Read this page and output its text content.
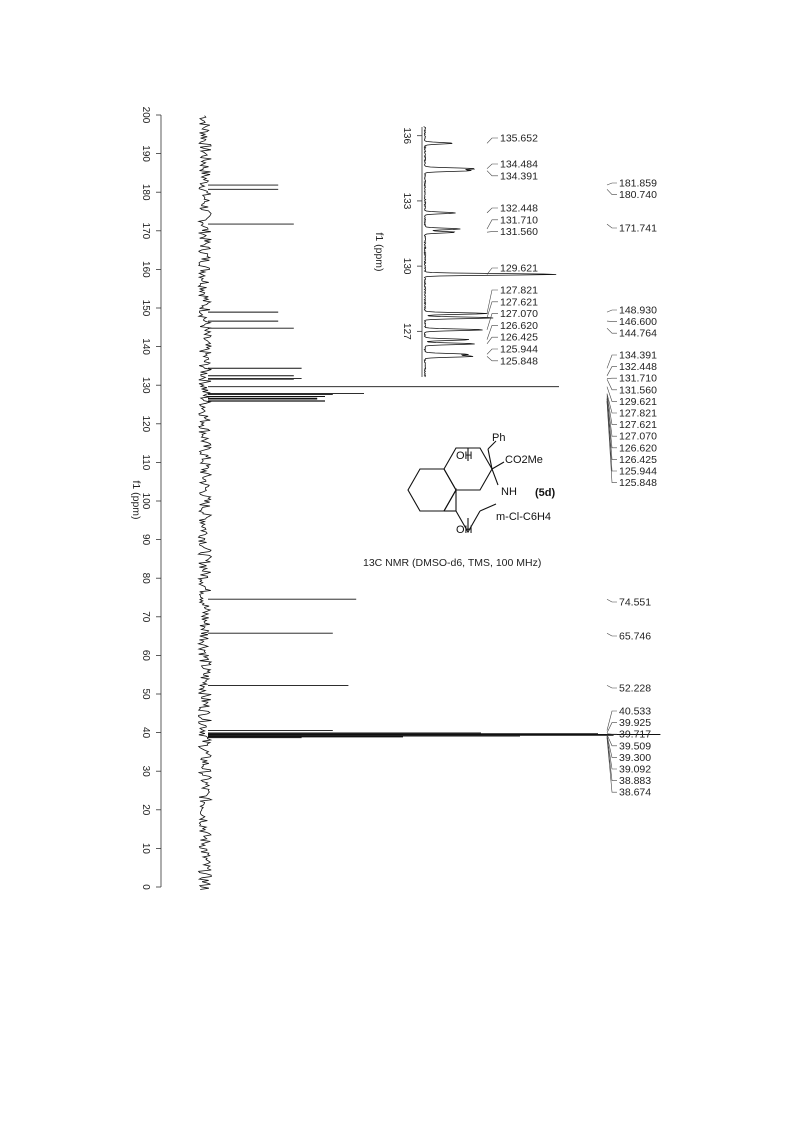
0
10
20
30
40
50
60
70
80
90
100
110
120
130
140
150
160
170
180
190
200
f1 (ppm)
181.859
180.740
171.741
148.930
146.600
144.764
134.391
132.448
131.710
131.560
129.621
127.821
127.621
127.070
126.620
126.425
125.944
125.848
74.551
65.746
52.228
40.533
39.925
39.717
39.509
39.300
39.092
38.883
38.674
127
130
133
136
f1 (ppm)
135.652
134.484
134.391
132.448
131.710
131.560
129.621
127.821
127.621
127.070
126.620
126.425
125.944
125.848
Ph
OH
OH
CO2Me
NH (5d)
m-Cl-C6H4
13C NMR (DMSO-d6, TMS, 100 MHz)
